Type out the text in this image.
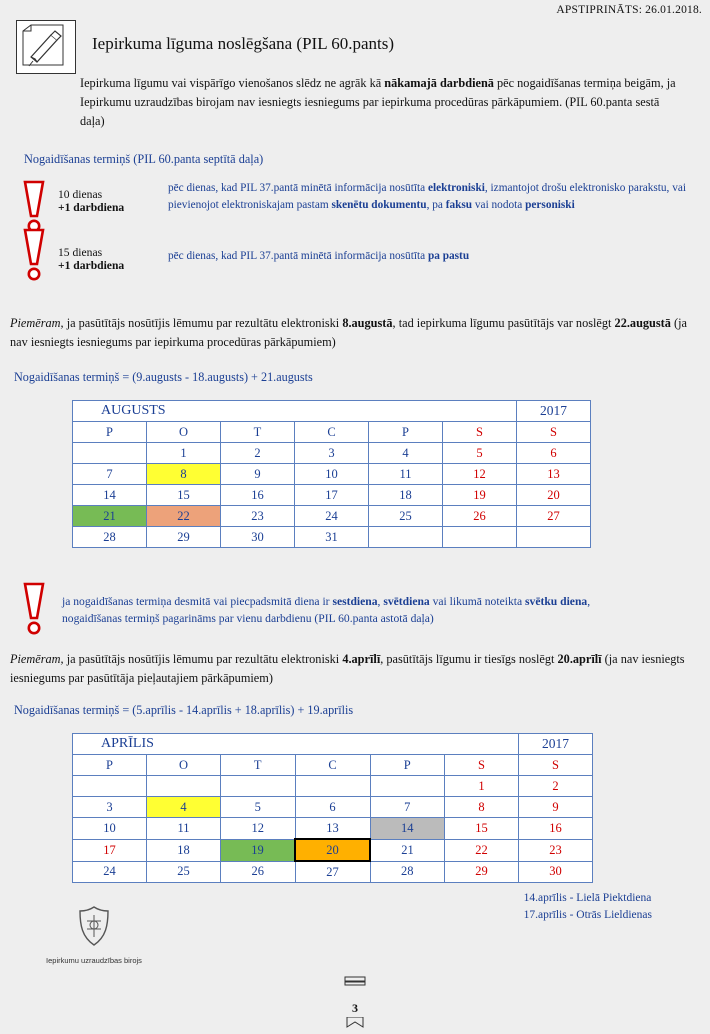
APSTIPRINĀTS: 26.01.2018.
Iepirkuma līguma noslēgšana (PIL 60.pants)
Iepirkuma līgumu vai vispārīgo vienošanos slēdz ne agrāk kā nākamajā darbdienā pēc nogaidīšanas termiņa beigām, ja Iepirkumu uzraudzības birojam nav iesniegts iesniegums par iepirkuma procedūras pārkāpumiem. (PIL 60.panta sestā daļa)
Nogaidīšanas termiņš (PIL 60.panta septītā daļa)
10 dienas
+1 darbdiena
pēc dienas, kad PIL 37.pantā minētā informācija nosūtīta elektroniski, izmantojot drošu elektronisko parakstu, vai pievienojot elektroniskajam pastam skenētu dokumentu, pa faksu vai nodota personiski
15 dienas
+1 darbdiena
pēc dienas, kad PIL 37.pantā minētā informācija nosūtīta pa pastu
Piemēram, ja pasūtītājs nosūtījis lēmumu par rezultātu elektroniski 8.augustā, tad iepirkuma līgumu pasūtītājs var noslēgt 22.augustā (ja nav iesniegts iesniegums par iepirkuma procedūras pārkāpumiem)
Nogaidīšanas termiņš = (9.augusts - 18.augusts) + 21.augusts
AUGUSTS						2017
P	O	T	C	P	S	S
	1	2	3	4	5	6
7	8	9	10	11	12	13
14	15	16	17	18	19	20
21	22	23	24	25	26	27
28	29	30	31			
ja nogaidīšanas termiņa desmitā vai piecpadsmitā diena ir sestdiena, svētdiena vai likumā noteikta svētku diena, nogaidīšanas termiņš pagarināms par vienu darbdienu (PIL 60.panta astotā daļa)
Piemēram, ja pasūtītājs nosūtījis lēmumu par rezultātu elektroniski 4.aprīlī, pasūtītājs līgumu ir tiesīgs noslēgt 20.aprīlī (ja nav iesniegts iesniegums par pasūtītāja pieļautajiem pārkāpumiem)
Nogaidīšanas termiņš = (5.aprīlis - 14.aprīlis + 18.aprīlis) + 19.aprīlis
APRĪLIS						2017
P	O	T	C	P	S	S
					1	2
3	4	5	6	7	8	9
10	11	12	13	14	15	16
17	18	19	20	21	22	23
24	25	26	27	28	29	30
14.aprīlis - Lielā Piektdiena
17.aprīlis - Otrās Lieldienas
Iepirkumu uzraudzības birojs
3
